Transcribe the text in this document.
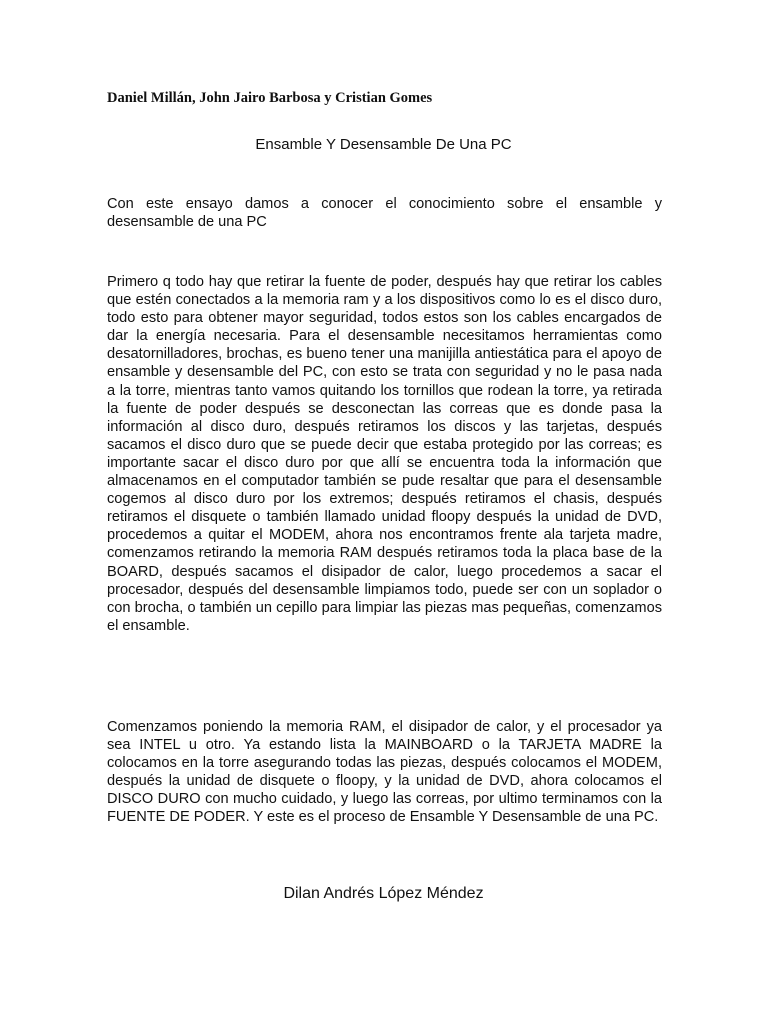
Daniel Millán, John Jairo Barbosa y Cristian Gomes
Ensamble Y Desensamble De Una PC

Con este ensayo damos a conocer el conocimiento sobre el ensamble y desensamble de una PC

Primero q todo hay que retirar la fuente de poder, después hay que retirar los cables que estén conectados a la memoria ram y a los dispositivos como lo es el disco duro, todo esto para obtener mayor seguridad, todos estos son los cables encargados de dar la energía necesaria. Para el desensamble necesitamos herramientas como desatornilladores, brochas, es bueno tener una manijilla antiestática para el apoyo de ensamble y desensamble del PC, con esto se trata con seguridad y no le pasa nada a la torre, mientras tanto vamos quitando los tornillos que rodean la torre, ya retirada la fuente de poder después se desconectan las correas que es donde pasa la información al disco duro, después retiramos los discos y las tarjetas, después sacamos el disco duro que se puede decir que estaba protegido por las correas; es importante sacar el disco duro por que allí se encuentra toda la información que almacenamos en el computador también se pude resaltar que para el desensamble cogemos al disco duro por los extremos; después retiramos el chasis, después retiramos el disquete o también llamado unidad floopy después la unidad de DVD, procedemos a quitar el MODEM, ahora nos encontramos frente ala tarjeta madre, comenzamos retirando la memoria RAM después retiramos toda la placa base de la BOARD, después sacamos el disipador de calor, luego procedemos a sacar el procesador, después del desensamble limpiamos todo, puede ser con un soplador o con brocha, o también un cepillo para limpiar las piezas mas pequeñas, comenzamos el ensamble.

Comenzamos poniendo la memoria RAM, el disipador de calor, y el procesador ya sea INTEL u otro. Ya estando lista la MAINBOARD o la TARJETA MADRE la colocamos en la torre asegurando todas las piezas, después colocamos el MODEM, después la unidad de disquete o floopy, y la unidad de DVD, ahora colocamos el DISCO DURO con mucho cuidado, y luego las correas, por ultimo terminamos con la FUENTE DE PODER. Y este es el proceso de Ensamble Y Desensamble de una PC.

Dilan Andrés López Méndez
